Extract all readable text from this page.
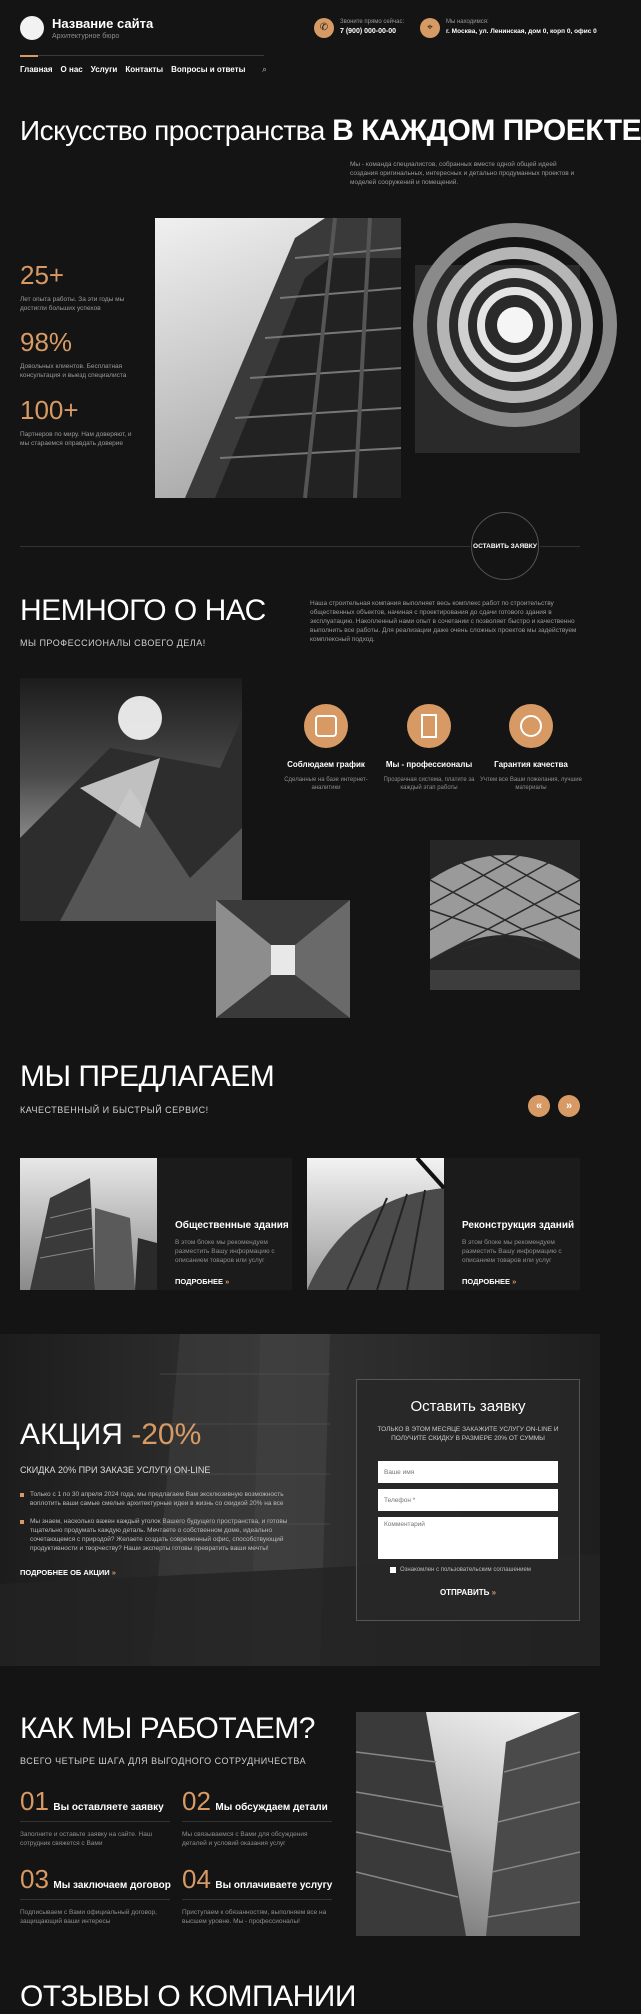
Название сайта
Архитектурное бюро
✆	Звоните прямо сейчас:
7 (900) 000-00-00	⌖	Мы находимся:
г. Москва, ул. Ленинская, дом 0, корп 0, офис 0
Главная О нас Услуги Контакты Вопросы и ответы ⌕
Искусство пространства В КАЖДОМ ПРОЕКТЕ
Мы - команда специалистов, собранных вместе одной общей идеей создания оригинальных, интересных и детально продуманных проектов и моделей сооружений и помещений.
25+
Лет опыта работы. За эти годы мы достигли больших успехов
98%
Довольных клиентов. Бесплатная консультация и выезд специалиста
100+
Партнеров по миру. Нам доверяют, и мы стараемся оправдать доверие
ОСТАВИТЬ ЗАЯВКУ
НЕМНОГО О НАС
МЫ ПРОФЕССИОНАЛЫ СВОЕГО ДЕЛА!
Наша строительная компания выполняет весь комплекс работ по строительству общественных объектов, начиная с проектирования до сдачи готового здания в эксплуатацию. Накопленный нами опыт в сочетании с позволяет быстро и качественно выполнить все работы. Для реализации даже очень сложных проектов мы задействуем комплексный подход.
Соблюдаем график
Сделанные на базе интернет-аналитики
Мы - профессионалы
Прозрачная система, платите за каждый этап работы
Гарантия качества
Учтем все Ваши пожелания, лучшие материалы
МЫ ПРЕДЛАГАЕМ
КАЧЕСТВЕННЫЙ И БЫСТРЫЙ СЕРВИС!	«	»
Общественные здания
В этом блоке мы рекомендуем разместить Вашу информацию с описанием товаров или услуг
ПОДРОБНЕЕ »
Реконструкция зданий
В этом блоке мы рекомендуем разместить Вашу информацию с описанием товаров или услуг
ПОДРОБНЕЕ »
АКЦИЯ -20%
СКИДКА 20% ПРИ ЗАКАЗЕ УСЛУГИ ON-LINE
Только с 1 по 30 апреля 2024 года, мы предлагаем Вам эксклюзивную возможность воплотить ваши самые смелые архитектурные идеи в жизнь со скидкой 20% на все
Мы знаем, насколько важен каждый уголок Вашего будущего пространства, и готовы тщательно продумать каждую деталь. Мечтаете о собственном доме, идеально сочетающемся с природой? Желаете создать современный офис, способствующий продуктивности и творчеству? Наши эксперты готовы превратить ваши мечты!
ПОДРОБНЕЕ ОБ АКЦИИ »
Оставить заявку
ТОЛЬКО В ЭТОМ МЕСЯЦЕ ЗАКАЖИТЕ УСЛУГУ ON-LINE И ПОЛУЧИТЕ СКИДКУ В РАЗМЕРЕ 20% ОТ СУММЫ
Ваше имя
Телефон *
Комментарий
Ознакомлен с пользовательским соглашением
ОТПРАВИТЬ »
КАК МЫ РАБОТАЕМ?
ВСЕГО ЧЕТЫРЕ ШАГА ДЛЯ ВЫГОДНОГО СОТРУДНИЧЕСТВА
01 Вы оставляете заявку
Заполните и оставьте заявку на сайте. Наш сотрудник свяжется с Вами
02 Мы обсуждаем детали
Мы связываемся с Вами для обсуждения деталей и условий оказания услуг
03 Мы заключаем договор
Подписываем с Вами официальный договор, защищающий ваши интересы
04 Вы оплачиваете услугу
Приступаем к обязанностям, выполняем все на высшем уровне. Мы - профессионалы!
ОТЗЫВЫ О КОМПАНИИ
